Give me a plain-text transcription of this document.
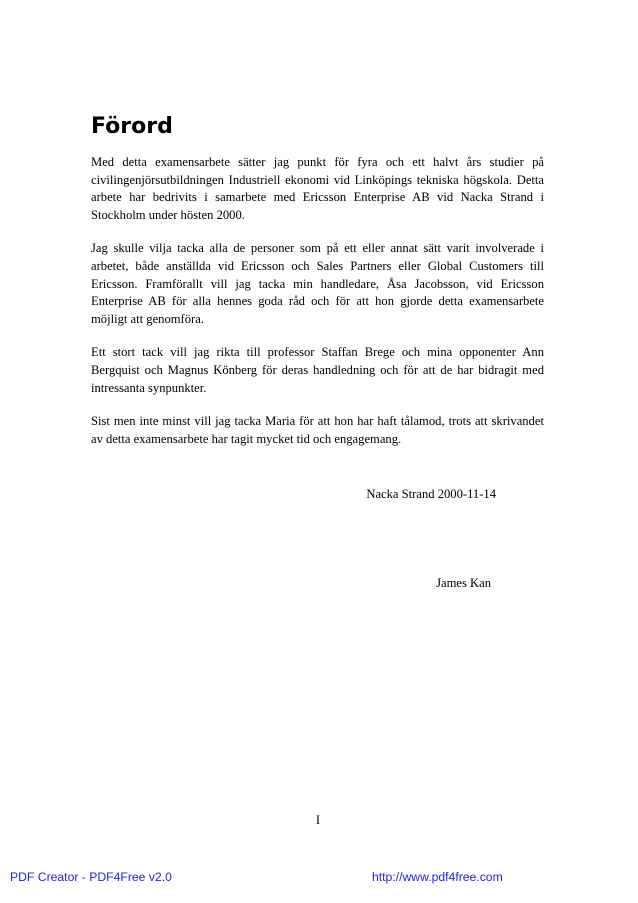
Förord

Med detta examensarbete sätter jag punkt för fyra och ett halvt års studier på civilingenjörsutbildningen Industriell ekonomi vid Linköpings tekniska högskola. Detta arbete har bedrivits i samarbete med Ericsson Enterprise AB vid Nacka Strand i Stockholm under hösten 2000.

Jag skulle vilja tacka alla de personer som på ett eller annat sätt varit involverade i arbetet, både anställda vid Ericsson och Sales Partners eller Global Customers till Ericsson. Framförallt vill jag tacka min handledare, Åsa Jacobsson, vid Ericsson Enterprise AB för alla hennes goda råd och för att hon gjorde detta examensarbete möjligt att genomföra.

Ett stort tack vill jag rikta till professor Staffan Brege och mina opponenter Ann Bergquist och Magnus Könberg för deras handledning och för att de har bidragit med intressanta synpunkter.

Sist men inte minst vill jag tacka Maria för att hon har haft tålamod, trots att skrivandet av detta examensarbete har tagit mycket tid och engagemang.

Nacka Strand 2000-11-14
James Kan
I
PDF Creator - PDF4Free v2.0	http://www.pdf4free.com
